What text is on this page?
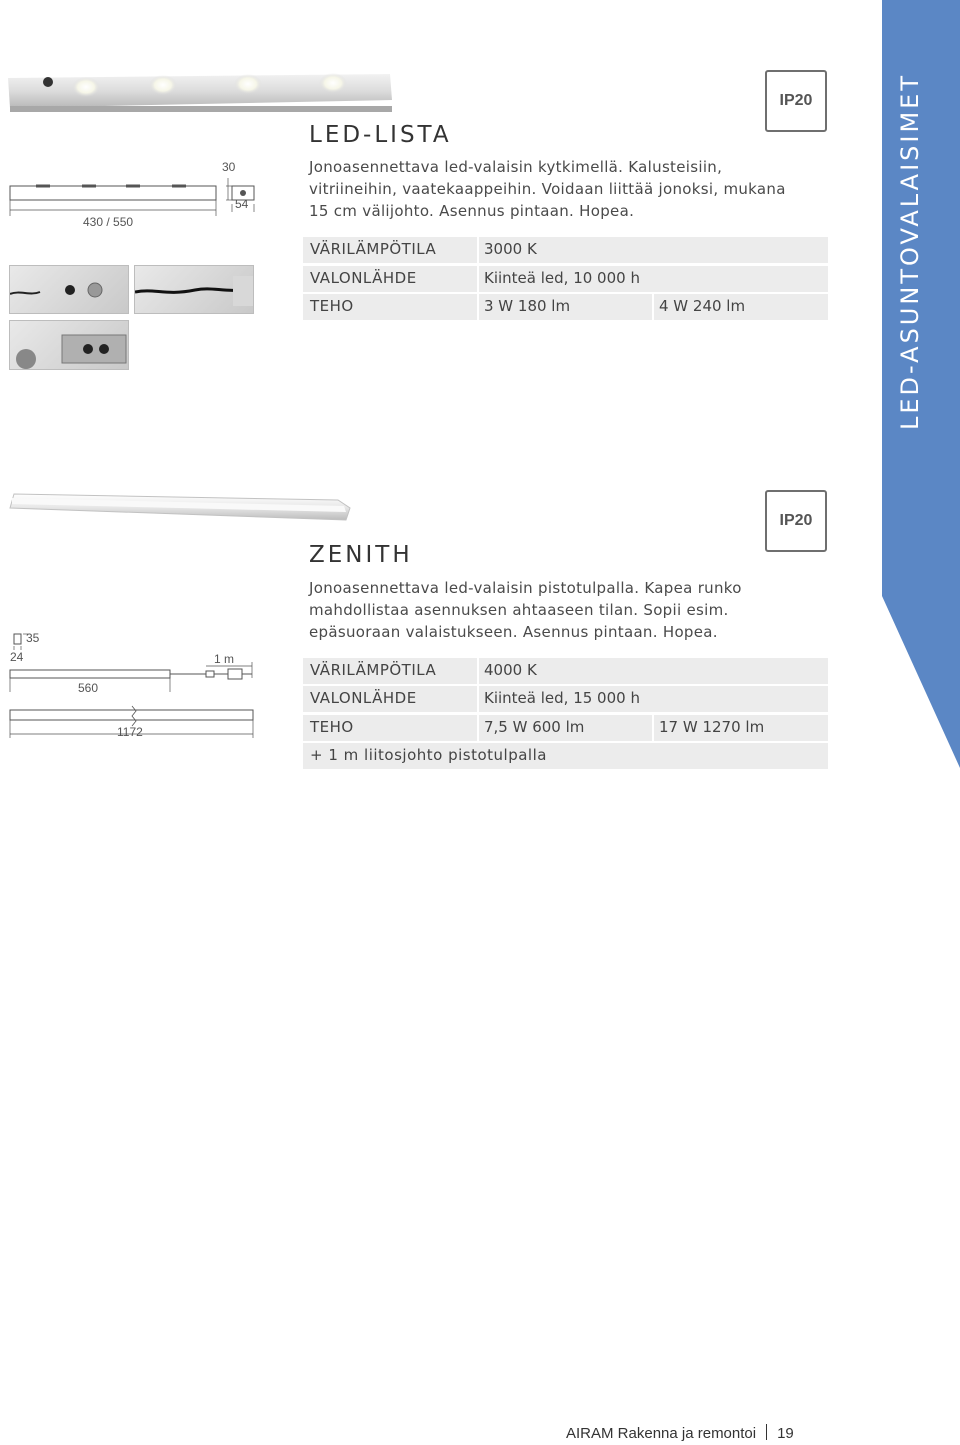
LED-ASUNTOVALAISIMET
IP20
LED-LISTA
Jonoasennettava led-valaisin kytkimellä. Kalusteisiin, vitriineihin, vaatekaappeihin. Voidaan liittää jonoksi, mukana 15 cm välijohto. Asennus pintaan. Hopea.
30
54
430 / 550
VÄRILÄMPÖTILA	3000 K
VALONLÄHDE	Kiinteä led, 10 000 h
TEHO	3 W 180 lm	4 W 240 lm
IP20
ZENITH
Jonoasennettava led-valaisin pistotulpalla. Kapea runko mahdollistaa asennuksen ahtaaseen tilan. Sopii esim. epäsuoraan valaistukseen. Asennus pintaan. Hopea.
35
24	1 m
560
1172
VÄRILÄMPÖTILA	4000 K
VALONLÄHDE	Kiinteä led, 15 000 h
TEHO	7,5 W 600 lm	17 W 1270 lm
+ 1 m liitosjohto pistotulpalla
AIRAM Rakenna ja remontoi 19
